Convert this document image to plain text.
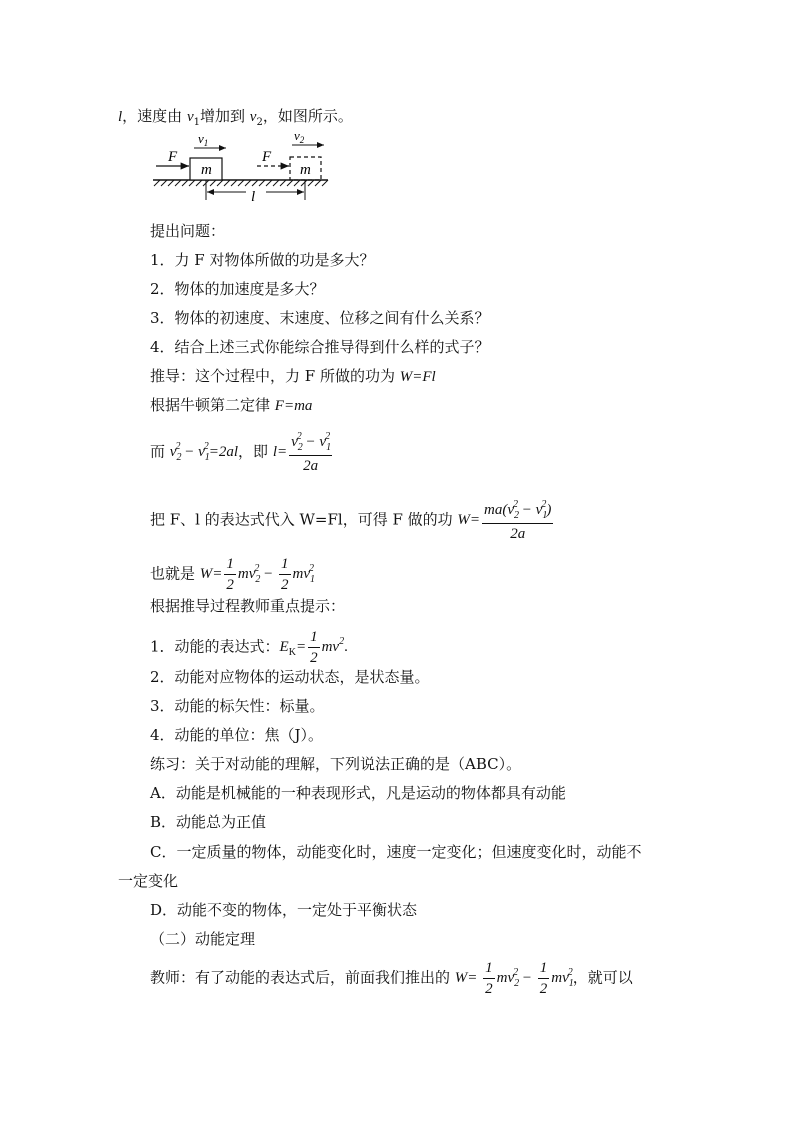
l，速度由 $v_1$增加到 $v_2$，如图所示。
m
F
$v_1$
m
F
$v_2$
l
提出问题：
1．力 F 对物体所做的功是多大？
2．物体的加速度是多大？
3．物体的初速度、末速度、位移之间有什么关系？
4．结合上述三式你能综合推导得到什么样的式子？
推导：这个过程中，力 F 所做的功为 W=Fl
根据牛顿第二定律 F=ma
而 $v_2^2 - v_1^2=2al$，即 $l= \frac{v_2^2 - v_1^2}{2a}$
把 F、l 的表达式代入 W=Fl，可得 F 做的功 $W= \frac{ma(v_2^2 - v_1^2)}{2a}$
也就是 $W= \frac{1}{2} mv_2^2 - \frac{1}{2} mv_1^2$
根据推导过程教师重点提示：
1．动能的表达式：$E_K= \frac{1}{2} mv^2$.
2．动能对应物体的运动状态，是状态量。
3．动能的标矢性：标量。
4．动能的单位：焦（J）。
练习：关于对动能的理解，下列说法正确的是（ABC）。
A．动能是机械能的一种表现形式，凡是运动的物体都具有动能
B．动能总为正值
C．一定质量的物体，动能变化时，速度一定变化；但速度变化时，动能不
一定变化
D．动能不变的物体，一定处于平衡状态
（二）动能定理
教师：有了动能的表达式后，前面我们推出的 $W= \frac{1}{2} mv_2^2 - \frac{1}{2} mv_1^2$，就可以
